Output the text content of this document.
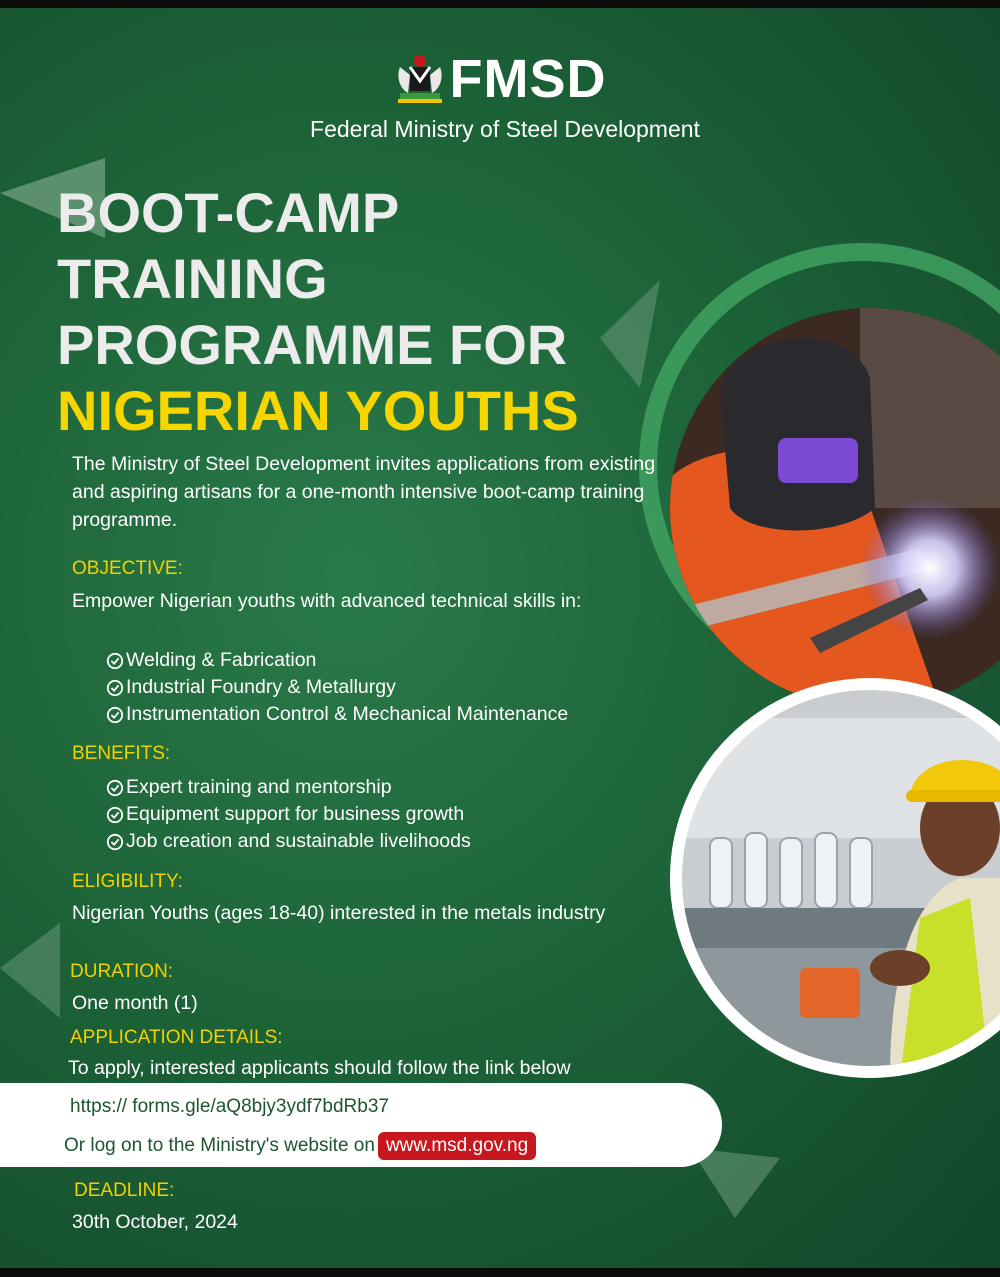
FMSD
Federal Ministry of Steel Development
BOOT-CAMP
TRAINING
PROGRAMME FOR
NIGERIAN YOUTHS
The Ministry of Steel Development invites applications from existing and aspiring artisans for a one-month intensive boot-camp training programme.
OBJECTIVE:
Empower Nigerian youths with advanced technical skills in:
Welding & Fabrication
Industrial Foundry & Metallurgy
Instrumentation Control & Mechanical Maintenance
BENEFITS:
Expert training and mentorship
Equipment support for business growth
Job creation and sustainable livelihoods
ELIGIBILITY:
Nigerian Youths (ages 18-40) interested in the metals industry
DURATION:
One month (1)
APPLICATION DETAILS:
To apply, interested applicants should follow the link below
https:// forms.gle/aQ8bjy3ydf7bdRb37
Or log on to the Ministry's website on www.msd.gov.ng
DEADLINE:
30th October, 2024
